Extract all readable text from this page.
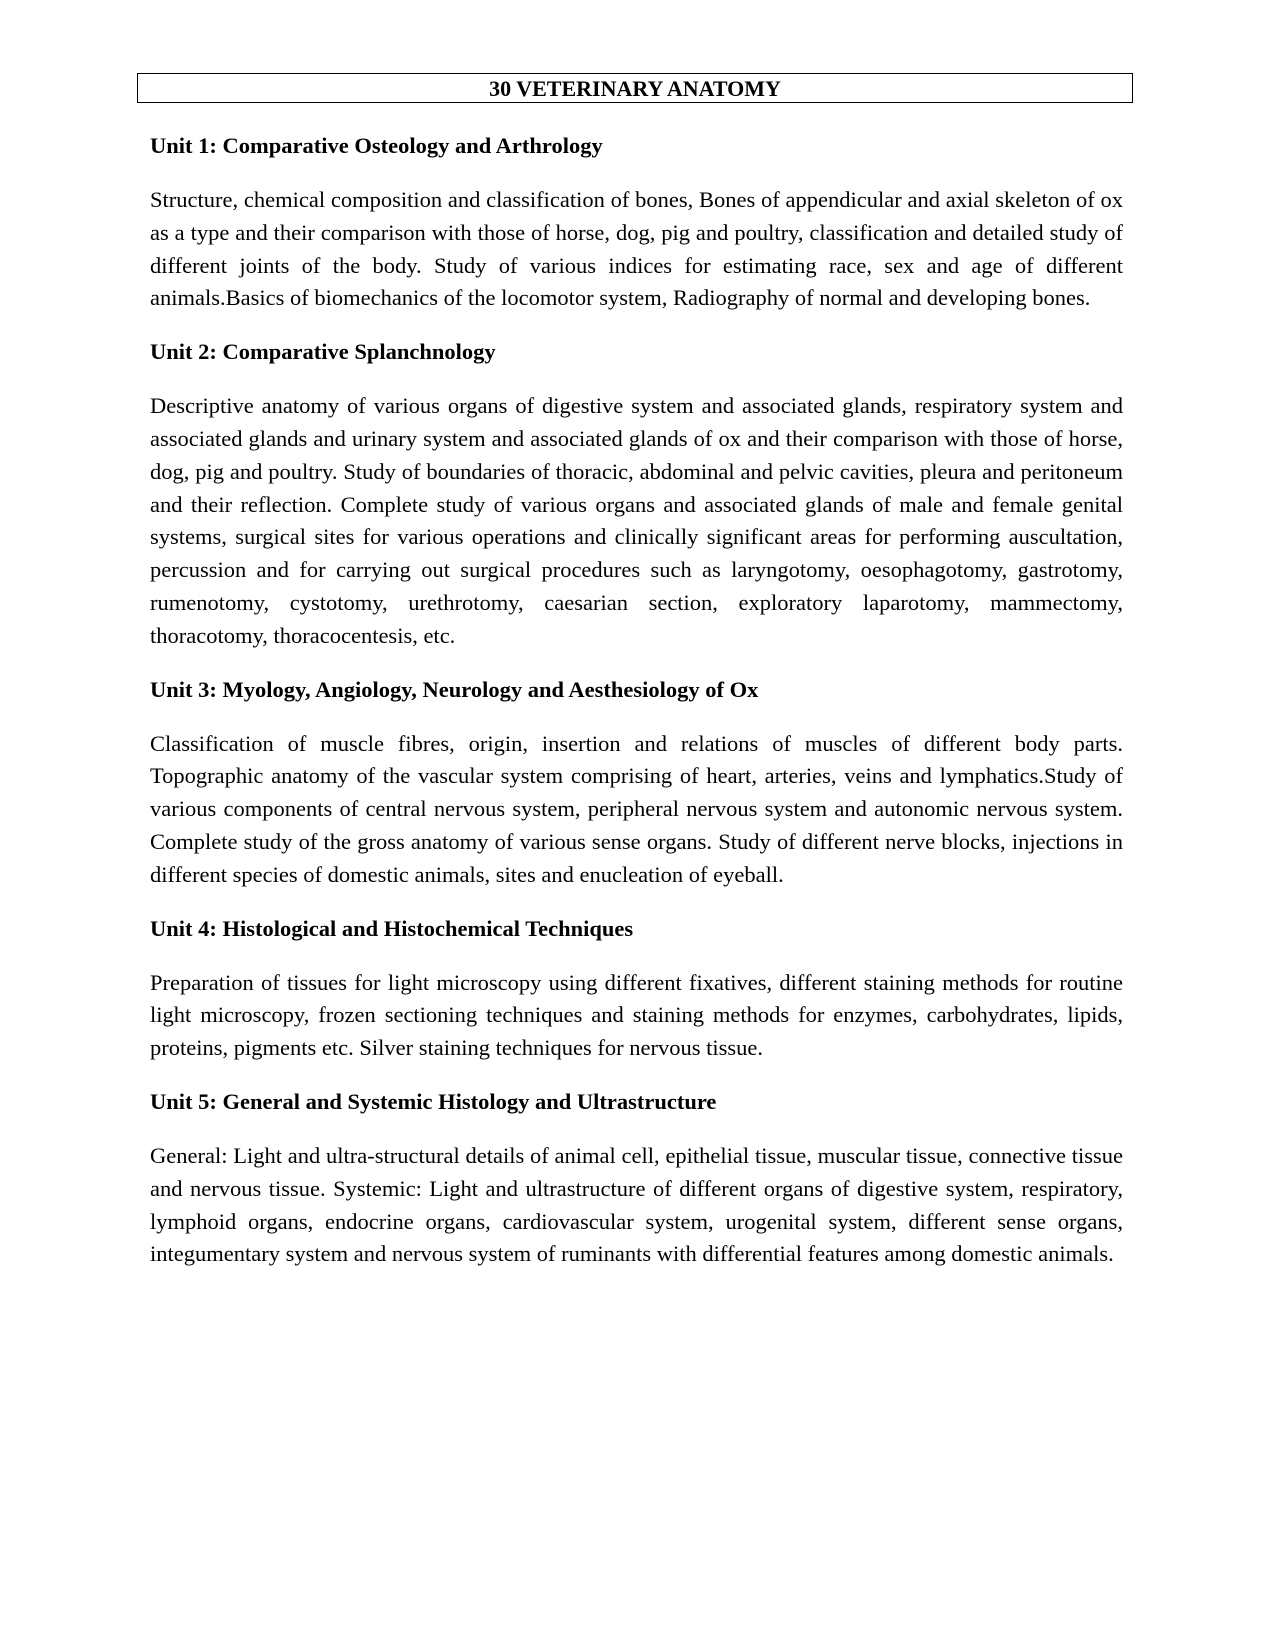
30 VETERINARY ANATOMY
Unit 1: Comparative Osteology and Arthrology

Structure, chemical composition and classification of bones, Bones of appendicular and axial skeleton of ox as a type and their comparison with those of horse, dog, pig and poultry, classification and detailed study of different joints of the body. Study of various indices for estimating race, sex and age of different animals.Basics of biomechanics of the locomotor system, Radiography of normal and developing bones.

Unit 2: Comparative Splanchnology

Descriptive anatomy of various organs of digestive system and associated glands, respiratory system and associated glands and urinary system and associated glands of ox and their comparison with those of horse, dog, pig and poultry. Study of boundaries of thoracic, abdominal and pelvic cavities, pleura and peritoneum and their reflection. Complete study of various organs and associated glands of male and female genital systems, surgical sites for various operations and clinically significant areas for performing auscultation, percussion and for carrying out surgical procedures such as laryngotomy, oesophagotomy, gastrotomy, rumenotomy, cystotomy, urethrotomy, caesarian section, exploratory laparotomy, mammectomy, thoracotomy, thoracocentesis, etc.

Unit 3: Myology, Angiology, Neurology and Aesthesiology of Ox

Classification of muscle fibres, origin, insertion and relations of muscles of different body parts. Topographic anatomy of the vascular system comprising of heart, arteries, veins and lymphatics.Study of various components of central nervous system, peripheral nervous system and autonomic nervous system. Complete study of the gross anatomy of various sense organs. Study of different nerve blocks, injections in different species of domestic animals, sites and enucleation of eyeball.

Unit 4: Histological and Histochemical Techniques

Preparation of tissues for light microscopy using different fixatives, different staining methods for routine light microscopy, frozen sectioning techniques and staining methods for enzymes, carbohydrates, lipids, proteins, pigments etc. Silver staining techniques for nervous tissue.

Unit 5: General and Systemic Histology and Ultrastructure

General: Light and ultra-structural details of animal cell, epithelial tissue, muscular tissue, connective tissue and nervous tissue. Systemic: Light and ultrastructure of different organs of digestive system, respiratory, lymphoid organs, endocrine organs, cardiovascular system, urogenital system, different sense organs, integumentary system and nervous system of ruminants with differential features among domestic animals.
